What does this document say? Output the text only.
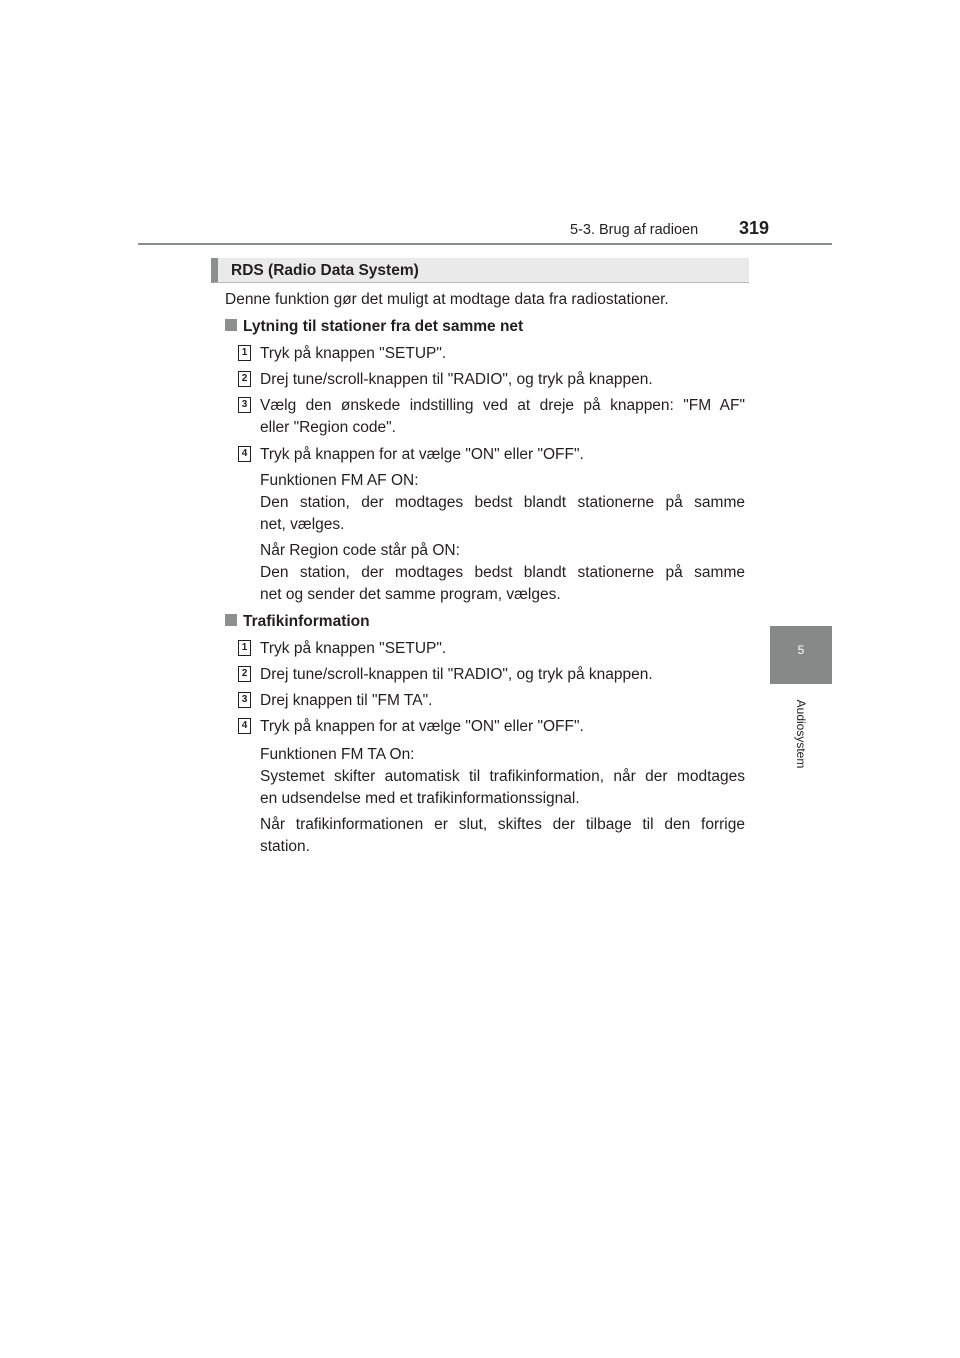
5-3. Brug af radioen 319
5
Audiosystem
RDS (Radio Data System)
Denne funktion gør det muligt at modtage data fra radiostationer.
Lytning til stationer fra det samme net
1 Tryk på knappen "SETUP".
2 Drej tune/scroll-knappen til "RADIO", og tryk på knappen.
3 Vælg den ønskede indstilling ved at dreje på knappen: "FM AF"
eller "Region code".
4 Tryk på knappen for at vælge "ON" eller "OFF".
Funktionen FM AF ON:
Den station, der modtages bedst blandt stationerne på samme
net, vælges.
Når Region code står på ON:
Den station, der modtages bedst blandt stationerne på samme
net og sender det samme program, vælges.
Trafikinformation
1 Tryk på knappen "SETUP".
2 Drej tune/scroll-knappen til "RADIO", og tryk på knappen.
3 Drej knappen til "FM TA".
4 Tryk på knappen for at vælge "ON" eller "OFF".
Funktionen FM TA On:
Systemet skifter automatisk til trafikinformation, når der modtages
en udsendelse med et trafikinformationssignal.
Når trafikinformationen er slut, skiftes der tilbage til den forrige
station.
